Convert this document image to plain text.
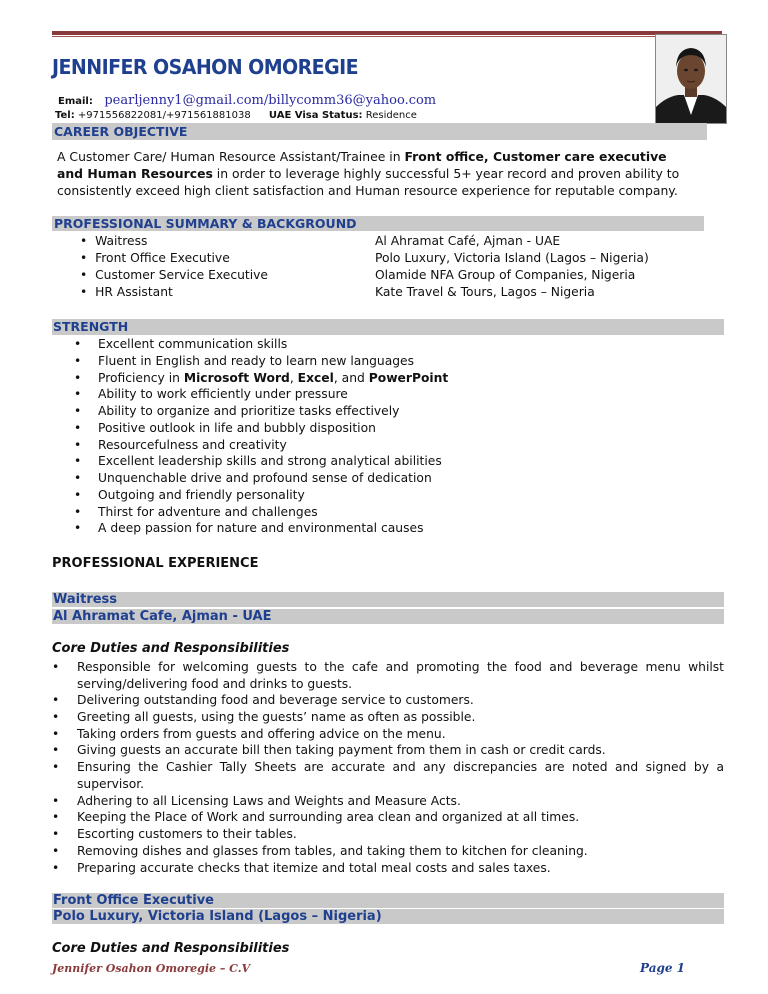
JENNIFER OSAHON OMOREGIE
Email: pearljenny1@gmail.com/billycomm36@yahoo.com
Tel: +971556822081/+971561881038 UAE Visa Status: Residence
CAREER OBJECTIVE
A Customer Care/ Human Resource Assistant/Trainee in Front office, Customer care executive
and Human Resources in order to leverage highly successful 5+ year record and proven ability to
consistently exceed high client satisfaction and Human resource experience for reputable company.
PROFESSIONAL SUMMARY & BACKGROUND
• Waitress	Al Ahramat Café, Ajman - UAE
• Front Office Executive	Polo Luxury, Victoria Island (Lagos – Nigeria)
• Customer Service Executive	Olamide NFA Group of Companies, Nigeria
• HR Assistant	Kate Travel & Tours, Lagos – Nigeria
STRENGTH
• Excellent communication skills
• Fluent in English and ready to learn new languages
• Proficiency in Microsoft Word, Excel, and PowerPoint
• Ability to work efficiently under pressure
• Ability to organize and prioritize tasks effectively
• Positive outlook in life and bubbly disposition
• Resourcefulness and creativity
• Excellent leadership skills and strong analytical abilities
• Unquenchable drive and profound sense of dedication
• Outgoing and friendly personality
• Thirst for adventure and challenges
• A deep passion for nature and environmental causes
PROFESSIONAL EXPERIENCE
Waitress
Al Ahramat Cafe, Ajman - UAE
Core Duties and Responsibilities
• Responsible for welcoming guests to the cafe and promoting the food and beverage menu whilst serving/delivering food and drinks to guests.
• Delivering outstanding food and beverage service to customers.
• Greeting all guests, using the guests’ name as often as possible.
• Taking orders from guests and offering advice on the menu.
• Giving guests an accurate bill then taking payment from them in cash or credit cards.
• Ensuring the Cashier Tally Sheets are accurate and any discrepancies are noted and signed by a supervisor.
• Adhering to all Licensing Laws and Weights and Measure Acts.
• Keeping the Place of Work and surrounding area clean and organized at all times.
• Escorting customers to their tables.
• Removing dishes and glasses from tables, and taking them to kitchen for cleaning.
• Preparing accurate checks that itemize and total meal costs and sales taxes.
Front Office Executive
Polo Luxury, Victoria Island (Lagos – Nigeria)
Core Duties and Responsibilities
Jennifer Osahon Omoregie – C.V	Page 1
